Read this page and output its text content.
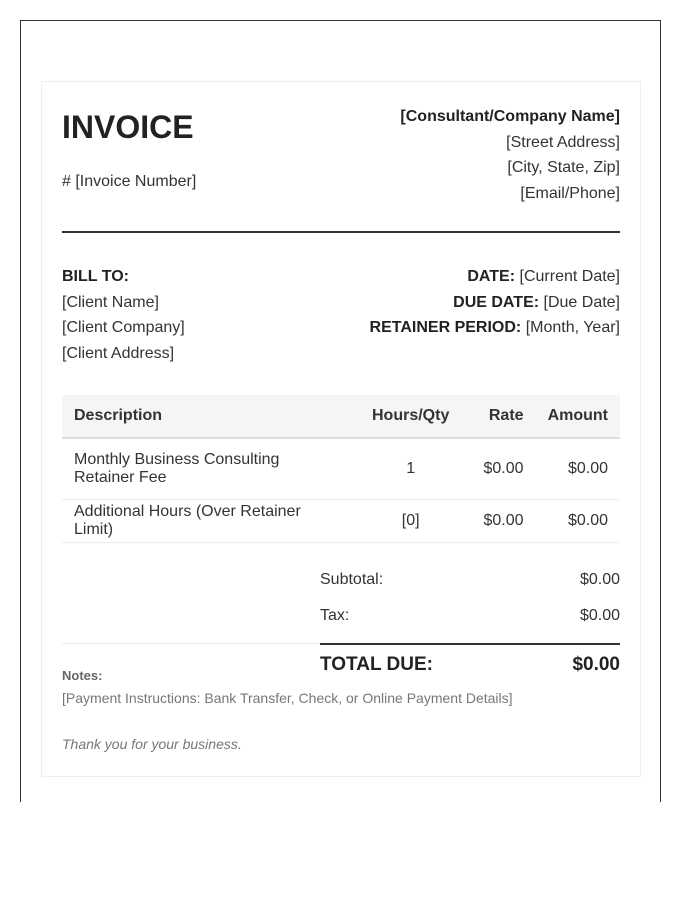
INVOICE
# [Invoice Number]
[Consultant/Company Name]
[Street Address]
[City, State, Zip]
[Email/Phone]
BILL TO:
[Client Name]
[Client Company]
[Client Address]
DATE: [Current Date]
DUE DATE: [Due Date]
RETAINER PERIOD: [Month, Year]
Description	Hours/Qty	Rate	Amount
Monthly Business Consulting Retainer Fee	1	$0.00	$0.00
Additional Hours (Over Retainer Limit)	[0]	$0.00	$0.00
Subtotal:	$0.00
Tax:	$0.00
TOTAL DUE:	$0.00
Notes:
[Payment Instructions: Bank Transfer, Check, or Online Payment Details]
Thank you for your business.
